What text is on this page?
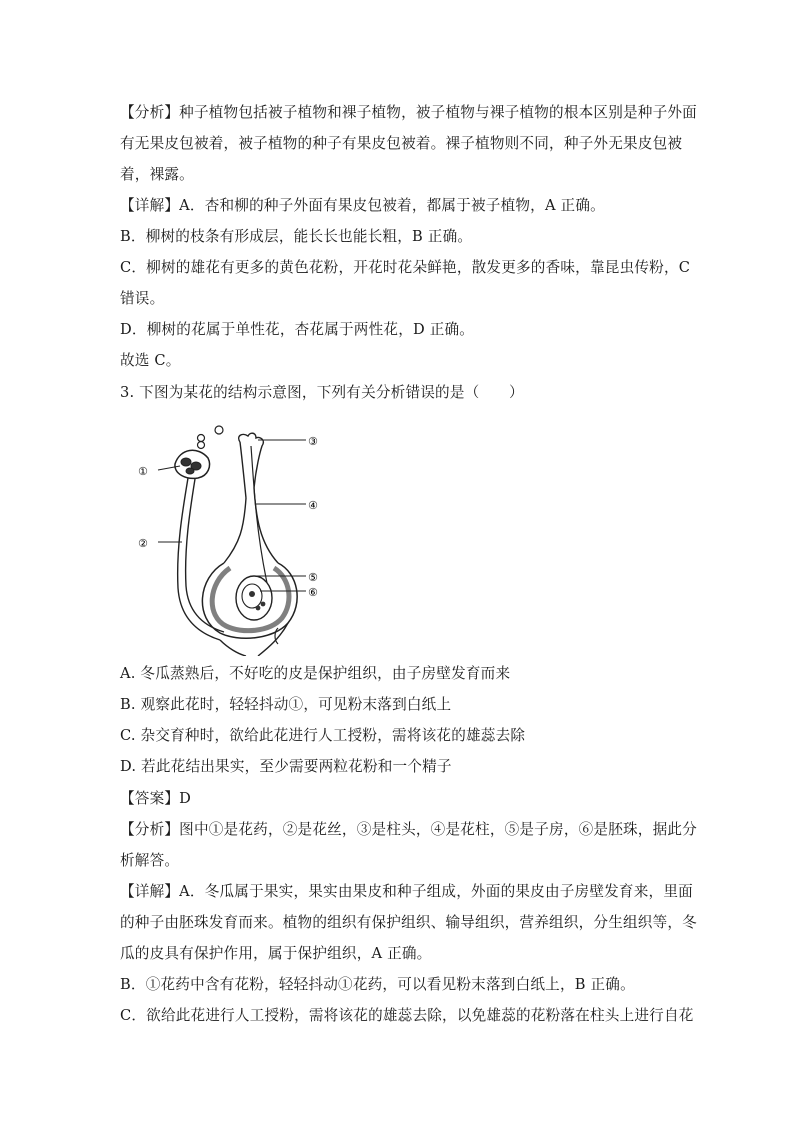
【分析】种子植物包括被子植物和裸子植物，被子植物与裸子植物的根本区别是种子外面
有无果皮包被着，被子植物的种子有果皮包被着。裸子植物则不同，种子外无果皮包被
着，裸露。
【详解】A．杏和柳的种子外面有果皮包被着，都属于被子植物，A 正确。
B．柳树的枝条有形成层，能长长也能长粗，B 正确。
C．柳树的雄花有更多的黄色花粉，开花时花朵鲜艳，散发更多的香味，靠昆虫传粉，C
错误。
D．柳树的花属于单性花，杏花属于两性花，D 正确。
故选 C。
3. 下图为某花的结构示意图，下列有关分析错误的是（　　）
①
②
③
④
⑤
⑥
A. 冬瓜蒸熟后，不好吃的皮是保护组织，由子房壁发育而来
B. 观察此花时，轻轻抖动①，可见粉末落到白纸上
C. 杂交育种时，欲给此花进行人工授粉，需将该花的雄蕊去除
D. 若此花结出果实，至少需要两粒花粉和一个精子
【答案】D
【分析】图中①是花药，②是花丝，③是柱头，④是花柱，⑤是子房，⑥是胚珠，据此分
析解答。
【详解】A．冬瓜属于果实，果实由果皮和种子组成，外面的果皮由子房壁发育来，里面
的种子由胚珠发育而来。植物的组织有保护组织、输导组织，营养组织，分生组织等，冬
瓜的皮具有保护作用，属于保护组织，A 正确。
B．①花药中含有花粉，轻轻抖动①花药，可以看见粉末落到白纸上，B 正确。
C．欲给此花进行人工授粉，需将该花的雄蕊去除，以免雄蕊的花粉落在柱头上进行自花
